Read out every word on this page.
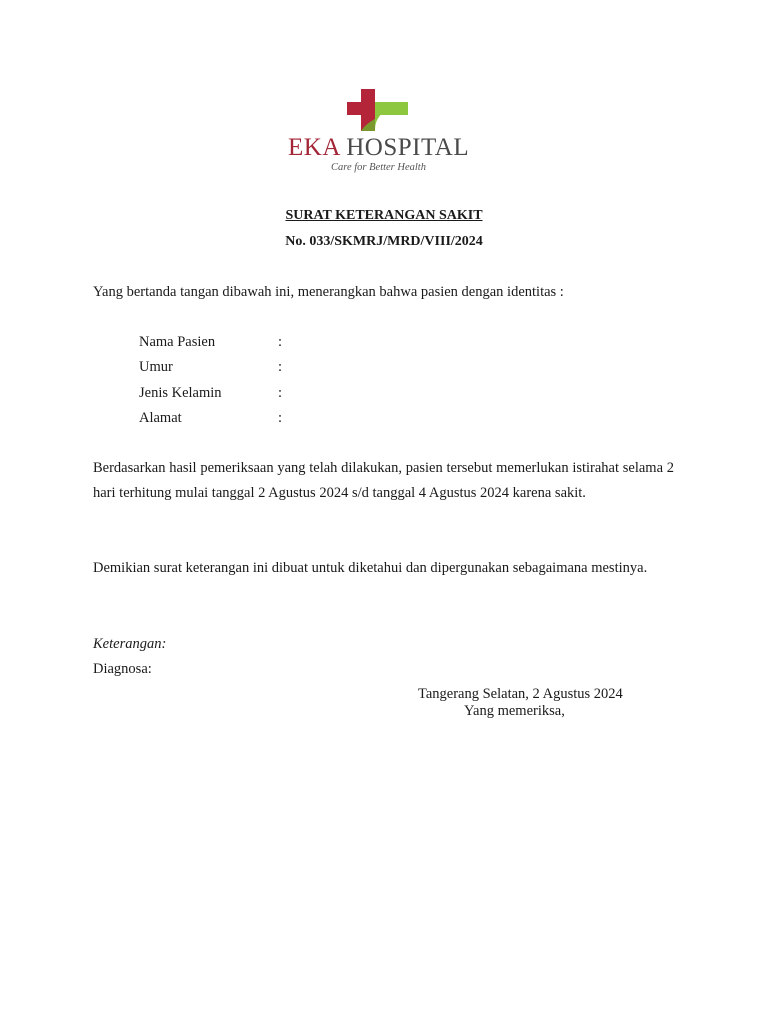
EKA HOSPITAL
Care for Better Health
SURAT KETERANGAN SAKIT
No. 033/SKMRJ/MRD/VIII/2024
Yang bertanda tangan dibawah ini, menerangkan bahwa pasien dengan identitas :
Nama Pasien	:
Umur	:
Jenis Kelamin	:
Alamat	:
Berdasarkan hasil pemeriksaan yang telah dilakukan, pasien tersebut memerlukan istirahat selama 2 hari terhitung mulai tanggal 2 Agustus 2024 s/d tanggal 4 Agustus 2024 karena sakit.
Demikian surat keterangan ini dibuat untuk diketahui dan dipergunakan sebagaimana mestinya.
Keterangan:
Diagnosa:
Tangerang Selatan, 2 Agustus 2024
Yang memeriksa,
